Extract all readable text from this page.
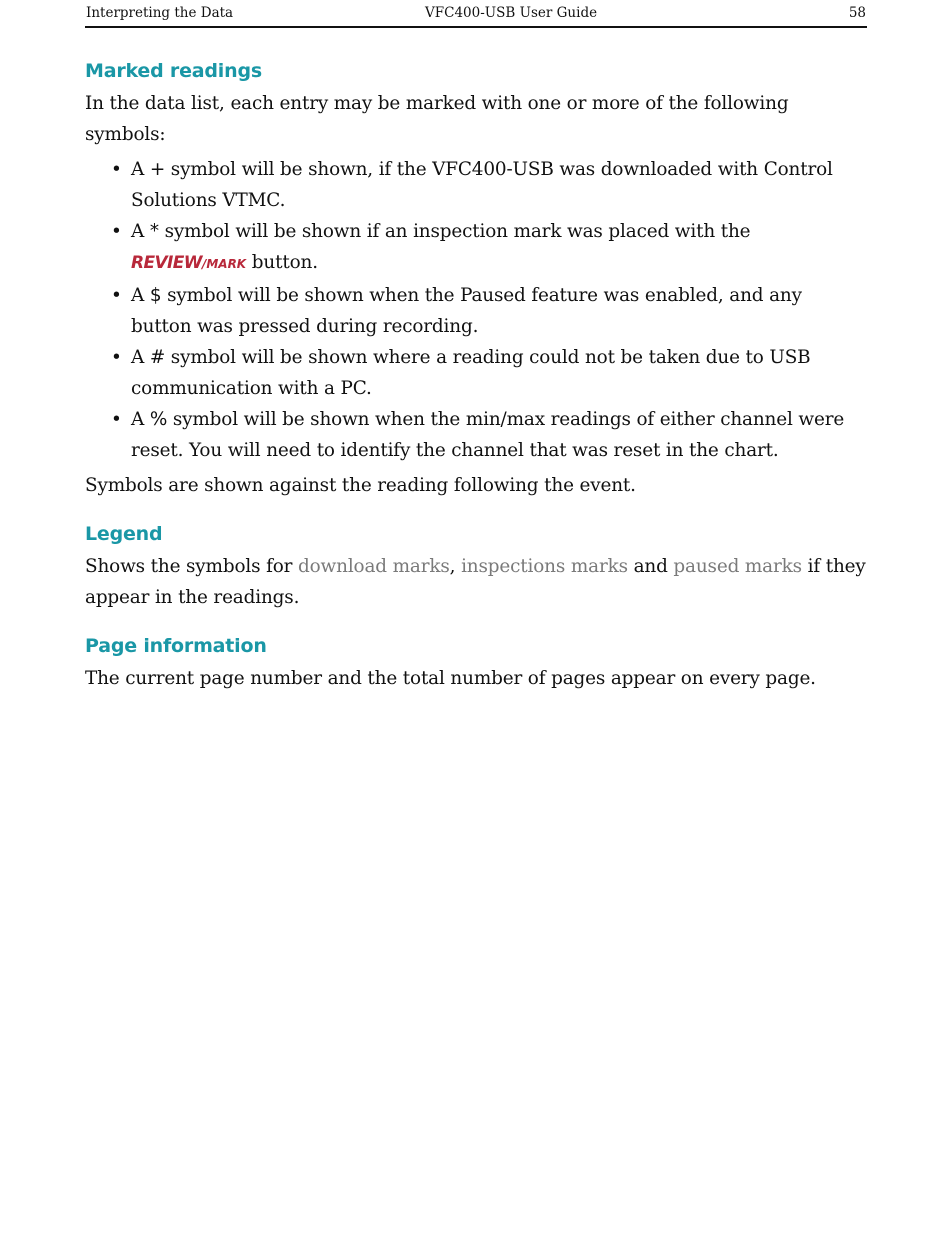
Interpreting the Data	VFC400-USB User Guide	58
Marked readings

In the data list, each entry may be marked with one or more of the following symbols:

• A + symbol will be shown, if the VFC400-USB was downloaded with Control Solutions VTMC.
• A * symbol will be shown if an inspection mark was placed with the REVIEW/MARK button.
• A $ symbol will be shown when the Paused feature was enabled, and any button was pressed during recording.
• A # symbol will be shown where a reading could not be taken due to USB communication with a PC.
• A % symbol will be shown when the min/max readings of either channel were reset. You will need to identify the channel that was reset in the chart.

Symbols are shown against the reading following the event.

Legend

Shows the symbols for download marks, inspections marks and paused marks if they appear in the readings.

Page information

The current page number and the total number of pages appear on every page.
